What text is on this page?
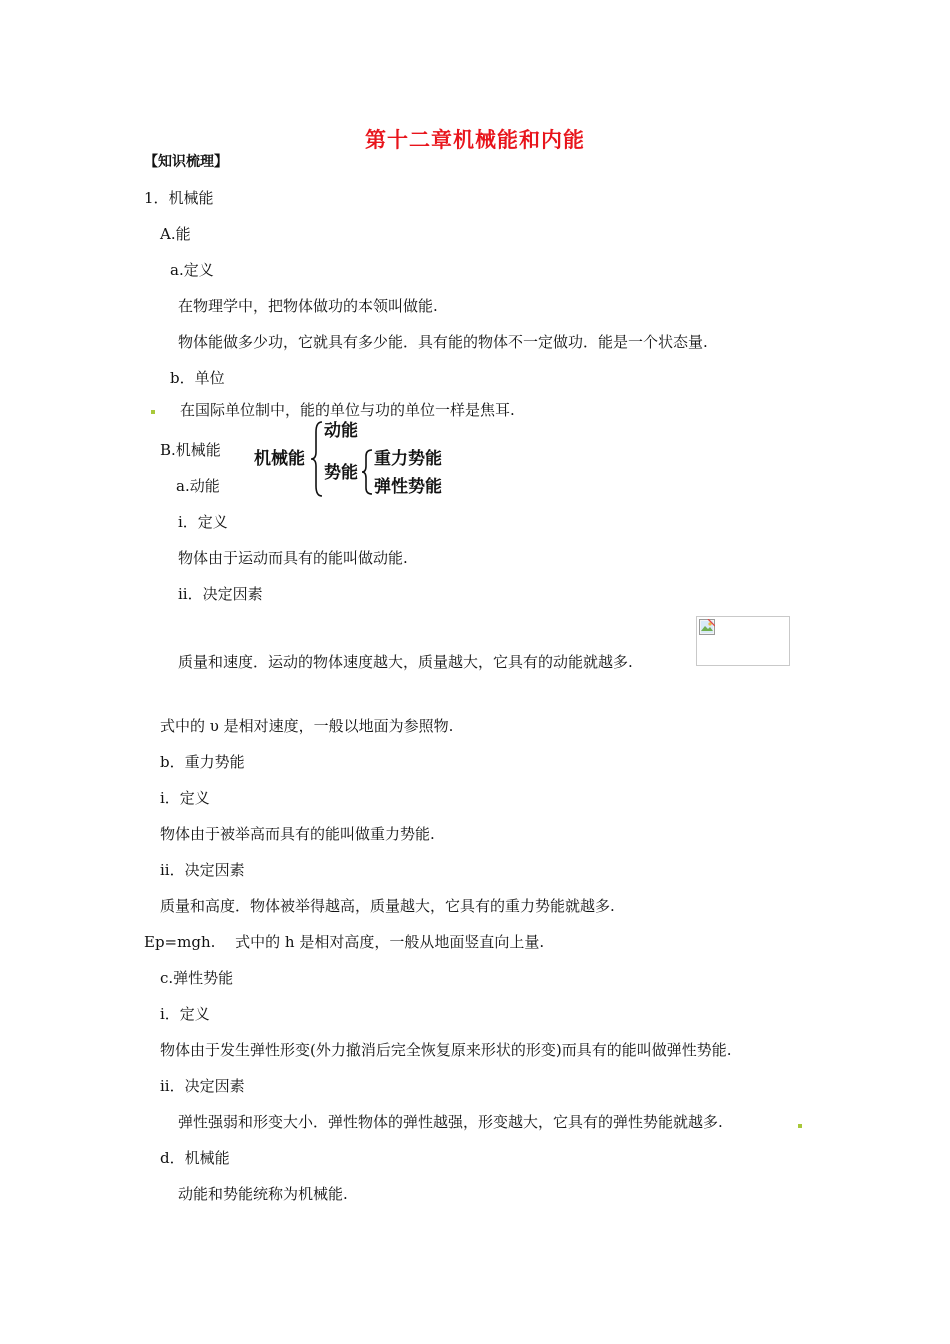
第十二章机械能和内能
【知识梳理】
1．机械能
A.能
a.定义
在物理学中，把物体做功的本领叫做能.
物体能做多少功，它就具有多少能．具有能的物体不一定做功．能是一个状态量.
b．单位
在国际单位制中，能的单位与功的单位一样是焦耳.
B.机械能
a.动能
机械能
动能
势能
重力势能
弹性势能
i．定义
物体由于运动而具有的能叫做动能.
ii．决定因素
质量和速度．运动的物体速度越大，质量越大，它具有的动能就越多.
式中的 υ 是相对速度，一般以地面为参照物.
b．重力势能
i．定义
物体由于被举高而具有的能叫做重力势能.
ii．决定因素
质量和高度．物体被举得越高，质量越大，它具有的重力势能就越多.
Ep=mgh.　 式中的 h 是相对高度，一般从地面竖直向上量.
c.弹性势能
i．定义
物体由于发生弹性形变(外力撤消后完全恢复原来形状的形变)而具有的能叫做弹性势能.
ii．决定因素
弹性强弱和形变大小．弹性物体的弹性越强，形变越大，它具有的弹性势能就越多.
d．机械能
动能和势能统称为机械能.
